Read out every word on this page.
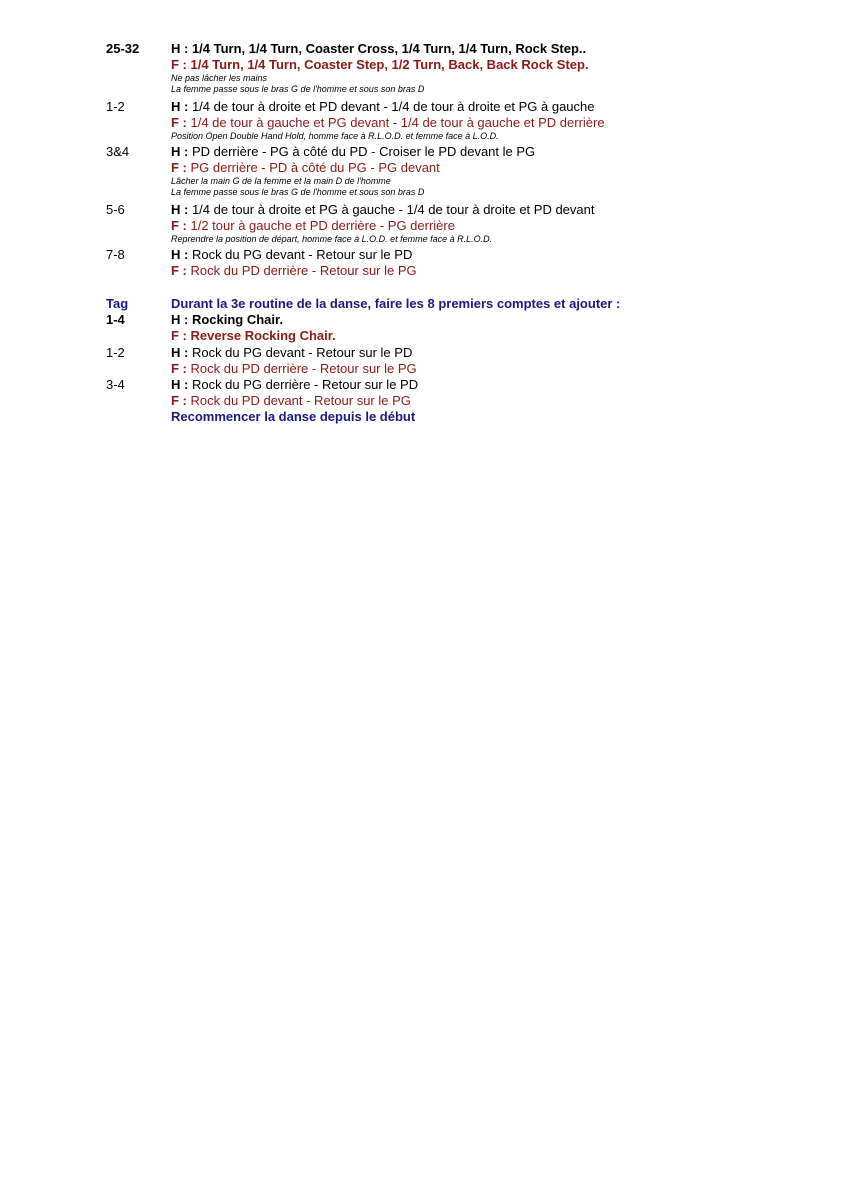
25-32 H : 1/4 Turn, 1/4 Turn, Coaster Cross, 1/4 Turn, 1/4 Turn, Rock Step..
F : 1/4 Turn, 1/4 Turn, Coaster Step, 1/2 Turn, Back, Back Rock Step.
Ne pas lâcher les mains
La femme passe sous le bras G de l'homme et sous son bras D
1-2	H : 1/4 de tour à droite et PD devant - 1/4 de tour à droite et PG à gauche
F : 1/4 de tour à gauche et PG devant - 1/4 de tour à gauche et PD derrière
Position Open Double Hand Hold, homme face à R.L.O.D. et femme face à L.O.D.
3&4	H : PD derrière - PG à côté du PD - Croiser le PD devant le PG
F : PG derrière - PD à côté du PG - PG devant
Lâcher la main G de la femme et la main D de l'homme
La femme passe sous le bras G de l'homme et sous son bras D
5-6	H : 1/4 de tour à droite et PG à gauche - 1/4 de tour à droite et PD devant
F : 1/2 tour à gauche et PD derrière - PG derrière
Reprendre la position de départ, homme face à L.O.D. et femme face à R.L.O.D.
7-8	H : Rock du PG devant - Retour sur le PD
F : Rock du PD derrière - Retour sur le PG
Tag	Durant la 3e routine de la danse, faire les 8 premiers comptes et ajouter :
1-4	H : Rocking Chair.
F : Reverse Rocking Chair.
1-2	H : Rock du PG devant - Retour sur le PD
F : Rock du PD derrière - Retour sur le PG
3-4	H : Rock du PG derrière - Retour sur le PD
F : Rock du PD devant - Retour sur le PG
Recommencer la danse depuis le début
